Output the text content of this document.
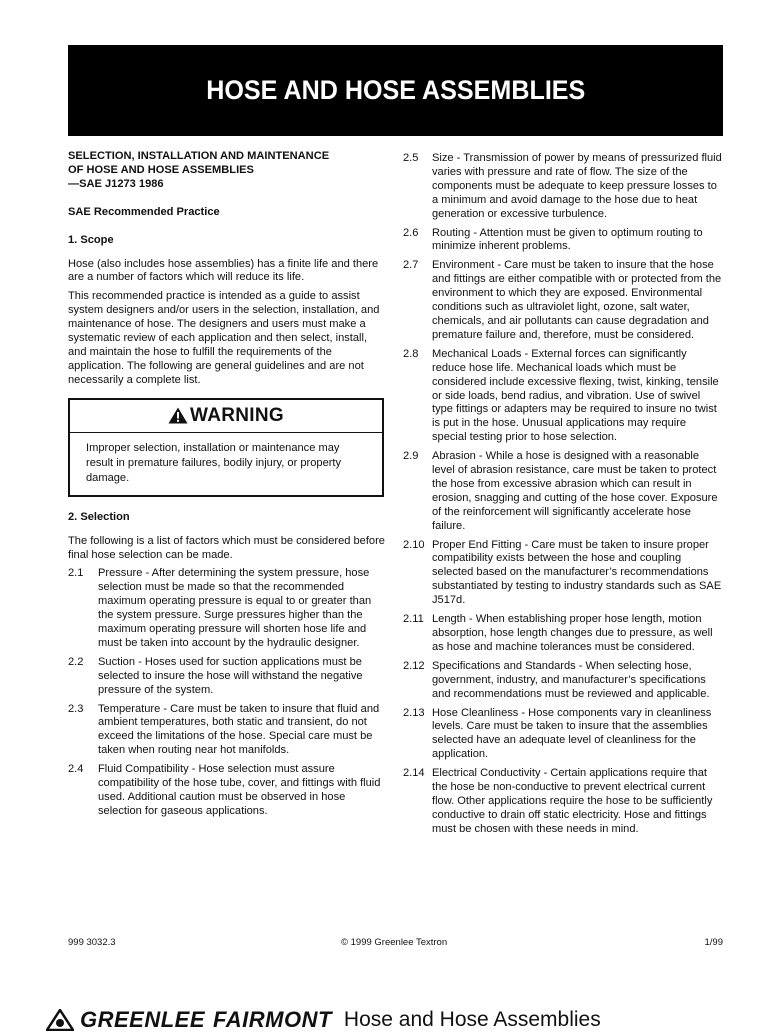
HOSE AND HOSE ASSEMBLIES
SELECTION, INSTALLATION AND MAINTENANCE
OF HOSE AND HOSE ASSEMBLIES
—SAE J1273 1986
SAE Recommended Practice
1. Scope

Hose (also includes hose assemblies) has a finite life and there are a number of factors which will reduce its life.

This recommended practice is intended as a guide to assist system designers and/or users in the selection, installation, and maintenance of hose. The designers and users must make a systematic review of each application and then select, install, and maintain the hose to fulfill the requirements of the application. The following are general guidelines and are not necessarily a complete list.

WARNING
Improper selection, installation or maintenance may result in premature failures, bodily injury, or property damage.
2. Selection

The following is a list of factors which must be considered before final hose selection can be made.

2.1	Pressure - After determining the system pressure, hose selection must be made so that the recommended maximum operating pressure is equal to or greater than the system pressure. Surge pressures higher than the maximum operating pressure will shorten hose life and must be taken into account by the hydraulic designer.
2.2	Suction - Hoses used for suction applications must be selected to insure the hose will withstand the negative pressure of the system.
2.3	Temperature - Care must be taken to insure that fluid and ambient temperatures, both static and transient, do not exceed the limitations of the hose. Special care must be taken when routing near hot manifolds.
2.4	Fluid Compatibility - Hose selection must assure compatibility of the hose tube, cover, and fittings with fluid used. Additional caution must be observed in hose selection for gaseous applications.
2.5	Size - Transmission of power by means of pressurized fluid varies with pressure and rate of flow. The size of the components must be adequate to keep pressure losses to a minimum and avoid damage to the hose due to heat generation or excessive turbulence.
2.6	Routing - Attention must be given to optimum routing to minimize inherent problems.
2.7	Environment - Care must be taken to insure that the hose and fittings are either compatible with or protected from the environment to which they are exposed. Environmental conditions such as ultraviolet light, ozone, salt water, chemicals, and air pollutants can cause degradation and premature failure and, therefore, must be considered.
2.8	Mechanical Loads - External forces can significantly reduce hose life. Mechanical loads which must be considered include excessive flexing, twist, kinking, tensile or side loads, bend radius, and vibration. Use of swivel type fittings or adapters may be required to insure no twist is put in the hose. Unusual applications may require special testing prior to hose selection.
2.9	Abrasion - While a hose is designed with a reasonable level of abrasion resistance, care must be taken to protect the hose from excessive abrasion which can result in erosion, snagging and cutting of the hose cover. Exposure of the reinforcement will significantly accelerate hose failure.
2.10 Proper End Fitting - Care must be taken to insure proper compatibility exists between the hose and coupling selected based on the manufacturer’s recommendations substantiated by testing to industry standards such as SAE J517d.
2.11 Length - When establishing proper hose length, motion absorption, hose length changes due to pressure, as well as hose and machine tolerances must be considered.
2.12 Specifications and Standards - When selecting hose, government, industry, and manufacturer’s specifications and recommendations must be reviewed and applicable.
2.13 Hose Cleanliness - Hose components vary in cleanliness levels. Care must be taken to insure that the assemblies selected have an adequate level of cleanliness for the application.
2.14 Electrical Conductivity - Certain applications require that the hose be non-conductive to prevent electrical current flow. Other applications require the hose to be sufficiently conductive to drain off static electricity. Hose and fittings must be chosen with these needs in mind.
999 3032.3	© 1999 Greenlee Textron	1/99
GREENLEE FAIRMONT Hose and Hose Assemblies
